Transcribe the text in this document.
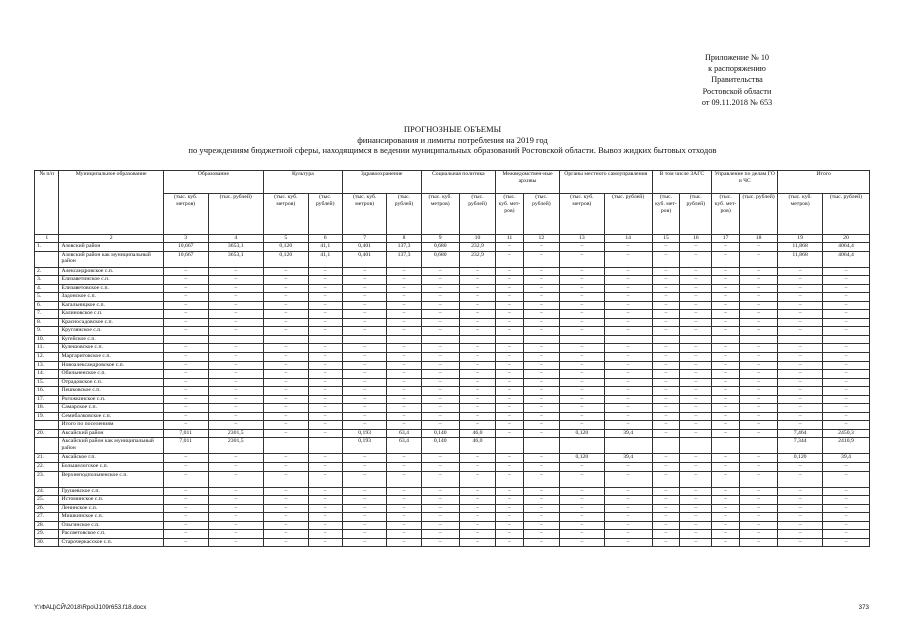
Приложение № 10
к распоряжению
Правительства
Ростовской области
от 09.11.2018 № 653
ПРОГНОЗНЫЕ ОБЪЕМЫ
финансирования и лимиты потребления на 2019 год
по учреждениям бюджетной сферы, находящимся в ведении муниципальных образований Ростовской области. Вывоз жидких бытовых отходов
№ п/п	Муниципальное образование	Образование		Культура		Здравоохранение		Социальная политика		Межведомствен-ные архивы		Органы местного самоуправления		В том числе ЗАГС		Управление по делам ГО и ЧС		Итого	
		(тыс. куб. метров)	(тыс. рублей)	(тыс. куб. метров)	(тыс. рублей)	(тыс. куб. метров)	(тыс. рублей)	(тыс. куб. метров)	(тыс. рублей)	(тыс. куб. мет-ров)	(тыс. рублей)	(тыс. куб. метров)	(тыс. рублей)	(тыс. куб. мет-ров)	(тыс. рублей)	(тыс. куб. мет-ров)	(тыс. рублей)	(тыс. куб. метров)	(тыс. рублей)
1	2	3	4	5	6	7	8	9	10	11	12	13	14	15	16	17	18	19	20
1.	Азовский район	10,667	3653,1	0,120	41,1	0,401	137,3	0,680	232,9	–	–	–	–	–	–	–	–	11,868	4064,4
	Азовский район как муниципальный район	10,667	3653,1	0,120	41,1	0,401	137,3	0,680	232,9	–	–	–	–	–	–	–	–	11,868	4064,4
2.	Александровское с.п.	–	–	–	–	–	–	–	–	–	–	–	–	–	–	–	–	–	–
3.	Елизаветинское с.п.	–	–	–	–	–	–	–	–	–	–	–	–	–	–	–	–	–	–
4.	Елизаветовское с.п.	–	–	–	–	–	–	–	–	–	–	–	–	–	–	–	–	–	–
5.	Задонское с.п.	–	–	–	–	–	–	–	–	–	–	–	–	–	–	–	–	–	–
6.	Кагальницкое с.п.	–	–	–	–	–	–	–	–	–	–	–	–	–	–	–	–	–	–
7.	Калиновское с.п.	–	–	–	–	–	–	–	–	–	–	–	–	–	–	–	–	–	–
8.	Красносадовское с.п.	–	–	–	–	–	–	–	–	–	–	–	–	–	–	–	–	–	–
9.	Круглянское с.п.	–	–	–	–	–	–	–	–	–	–	–	–	–	–	–	–	–	–
10.	Кугейское с.п.																		
11.	Кулешовское с.п.	–	–	–	–	–	–	–	–	–	–	–	–	–	–	–	–	–	–
12.	Маргаритовское с.п.	–	–	–	–	–	–	–	–	–	–	–	–	–	–	–	–	–	–
13.	Новоалександровское с.п.	–	–	–	–	–	–	–	–	–	–	–	–	–	–	–	–	–	–
14.	Обильненское с.п.	–	–	–	–	–	–	–	–	–	–	–	–	–	–	–	–	–	–
15.	Отрадовское с.п.	–	–	–	–	–	–	–	–	–	–	–	–	–	–	–	–	–	–
16.	Пешковское с.п.	–	–	–	–	–	–	–	–	–	–	–	–	–	–	–	–	–	–
17.	Рогожкинское с.п.	–	–	–	–	–	–	–	–	–	–	–	–	–	–	–	–	–	–
18.	Самарское с.п.	–	–	–	–	–	–	–	–	–	–	–	–	–	–	–	–	–	–
19.	Семибалковское с.п.	–	–	–	–	–	–	–	–	–	–	–	–	–	–	–	–	–	–
	Итого по поселениям	–	–	–	–	–	–	–	–	–	–	–	–	–	–	–	–	–	–
20.	Аксайский район	7,011	2301,5	–	–	0,193	63,4	0,140	46,0	–	–	0,120	39,4	–	–	–	–	7,464	2450,3
	Аксайский район как муниципальный район	7,011	2301,5			0,193	63,4	0,140	46,0									7,344	2410,9
21.	Аксайское г.п.	–	–	–	–	–	–	–	–	–	–	0,120	39,4	–	–	–	–	0,120	39,4
22.	Большелогское с.п.	–	–	–	–	–	–	–	–	–	–	–	–	–	–	–	–	–	–
23.	Верхнеподпольненское с.п.	–	–	–	–	–	–	–	–	–	–	–	–	–	–	–	–	–	–
24.	Грушевское с.п.	–	–	–	–	–	–	–	–	–	–	–	–	–	–	–	–	–	–
25.	Истоминское с.п.	–	–	–	–	–	–	–	–	–	–	–	–	–	–	–	–	–	–
26.	Ленинское с.п.	–	–	–	–	–	–	–	–	–	–	–	–	–	–	–	–	–	–
27.	Мишкинское с.п.	–	–	–	–	–	–	–	–	–	–	–	–	–	–	–	–	–	–
28.	Ольгинское с.п.	–	–	–	–	–	–	–	–	–	–	–	–	–	–	–	–	–	–
29.	Рассветовское с.п.	–	–	–	–	–	–	–	–	–	–	–	–	–	–	–	–	–	–
30.	Старочеркасское с.п.	–	–	–	–	–	–	–	–	–	–	–	–	–	–	–	–	–	–
Y:\ФАЦ\СЙ\2018\Rpo\J109r653.f18.docx	373
